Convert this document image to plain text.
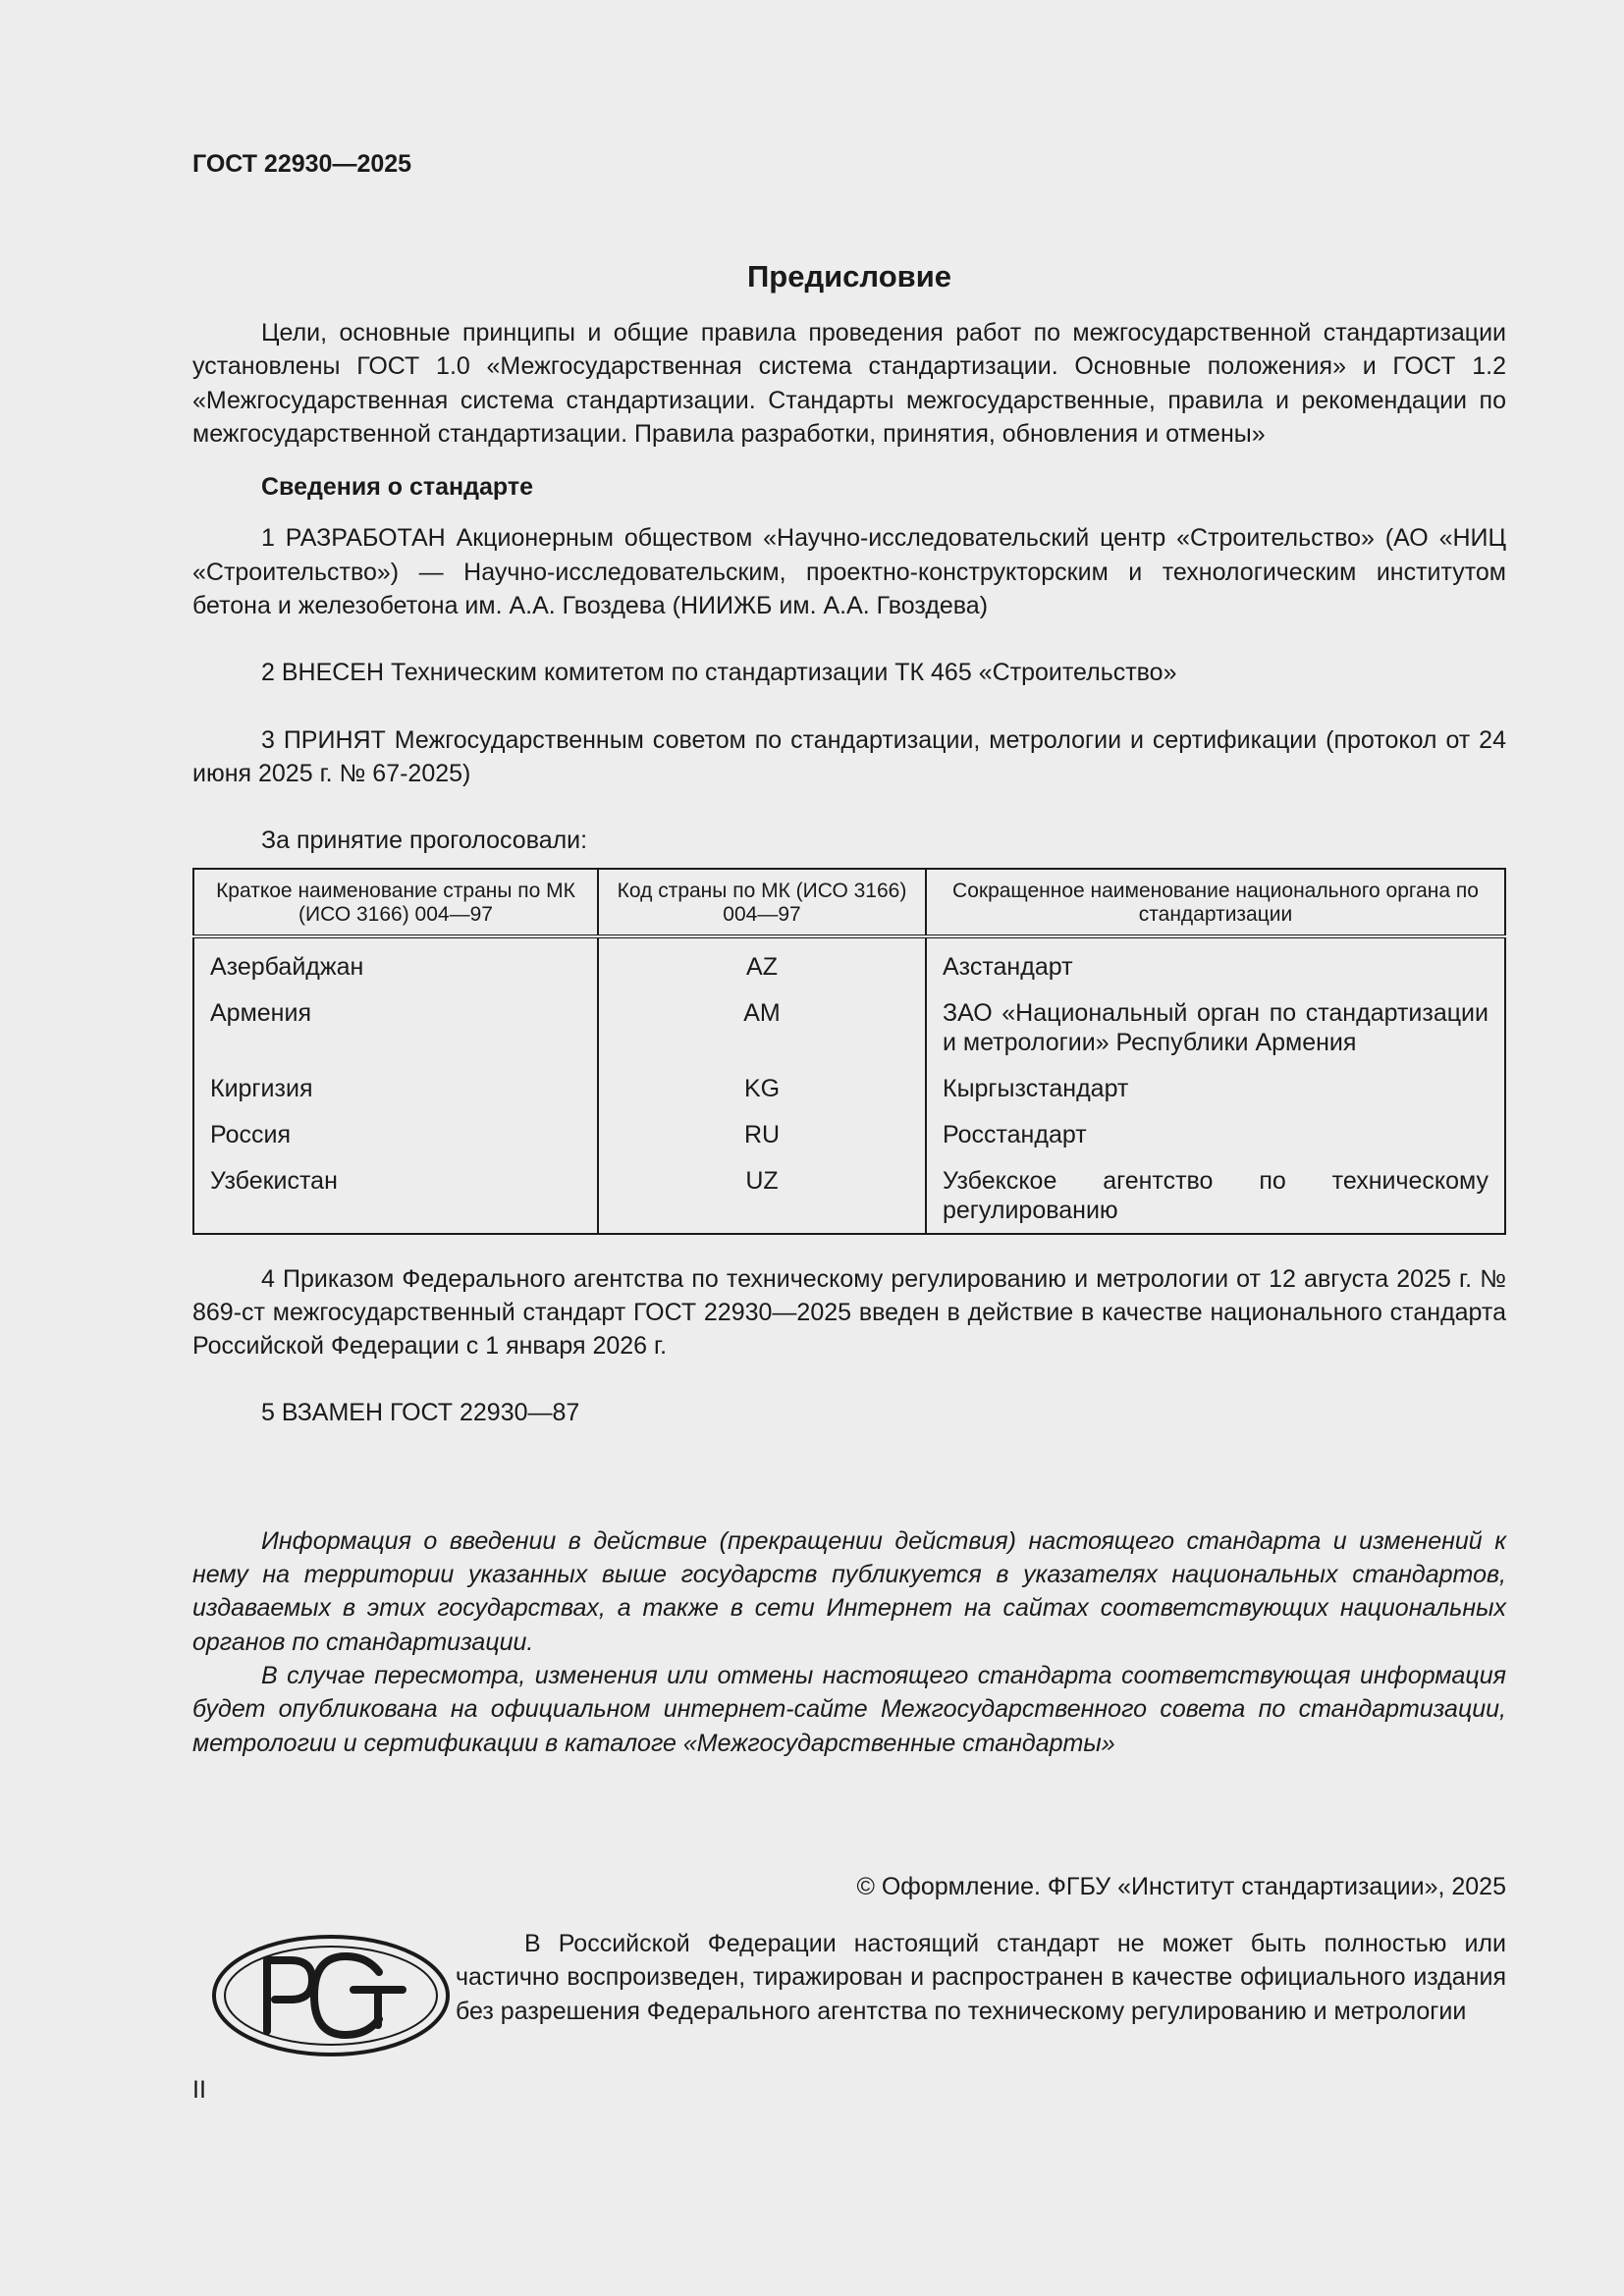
ГОСТ 22930—2025
Предисловие

Цели, основные принципы и общие правила проведения работ по межгосударственной стандартизации установлены ГОСТ 1.0 «Межгосударственная система стандартизации. Основные положения» и ГОСТ 1.2 «Межгосударственная система стандартизации. Стандарты межгосударственные, правила и рекомендации по межгосударственной стандартизации. Правила разработки, принятия, обновления и отмены»

Сведения о стандарте

1 РАЗРАБОТАН Акционерным обществом «Научно-исследовательский центр «Строительство» (АО «НИЦ «Строительство») — Научно-исследовательским, проектно-конструкторским и технологическим институтом бетона и железобетона им. А.А. Гвоздева (НИИЖБ им. А.А. Гвоздева)

2 ВНЕСЕН Техническим комитетом по стандартизации ТК 465 «Строительство»

3 ПРИНЯТ Межгосударственным советом по стандартизации, метрологии и сертификации (протокол от 24 июня 2025 г. № 67-2025)

За принятие проголосовали:

Краткое наименование страны по МК (ИСО 3166) 004—97	Код страны по МК (ИСО 3166) 004—97	Сокращенное наименование национального органа по стандартизации
Азербайджан	AZ	Азстандарт
Армения	AM	ЗАО «Национальный орган по стандартизации и метрологии» Республики Армения
Киргизия	KG	Кыргызстандарт
Россия	RU	Росстандарт
Узбекистан	UZ	Узбекское агентство по техническому регулированию

4 Приказом Федерального агентства по техническому регулированию и метрологии от 12 августа 2025 г. № 869-ст межгосударственный стандарт ГОСТ 22930—2025 введен в действие в качестве национального стандарта Российской Федерации с 1 января 2026 г.

5 ВЗАМЕН ГОСТ 22930—87

Информация о введении в действие (прекращении действия) настоящего стандарта и изменений к нему на территории указанных выше государств публикуется в указателях национальных стандартов, издаваемых в этих государствах, а также в сети Интернет на сайтах соответствующих национальных органов по стандартизации.

В случае пересмотра, изменения или отмены настоящего стандарта соответствующая информация будет опубликована на официальном интернет-сайте Межгосударственного совета по стандартизации, метрологии и сертификации в каталоге «Межгосударственные стандарты»

© Оформление. ФГБУ «Институт стандартизации», 2025

В Российской Федерации настоящий стандарт не может быть полностью или частично воспроизведен, тиражирован и распространен в качестве официального издания без разрешения Федерального агентства по техническому регулированию и метрологии

II
